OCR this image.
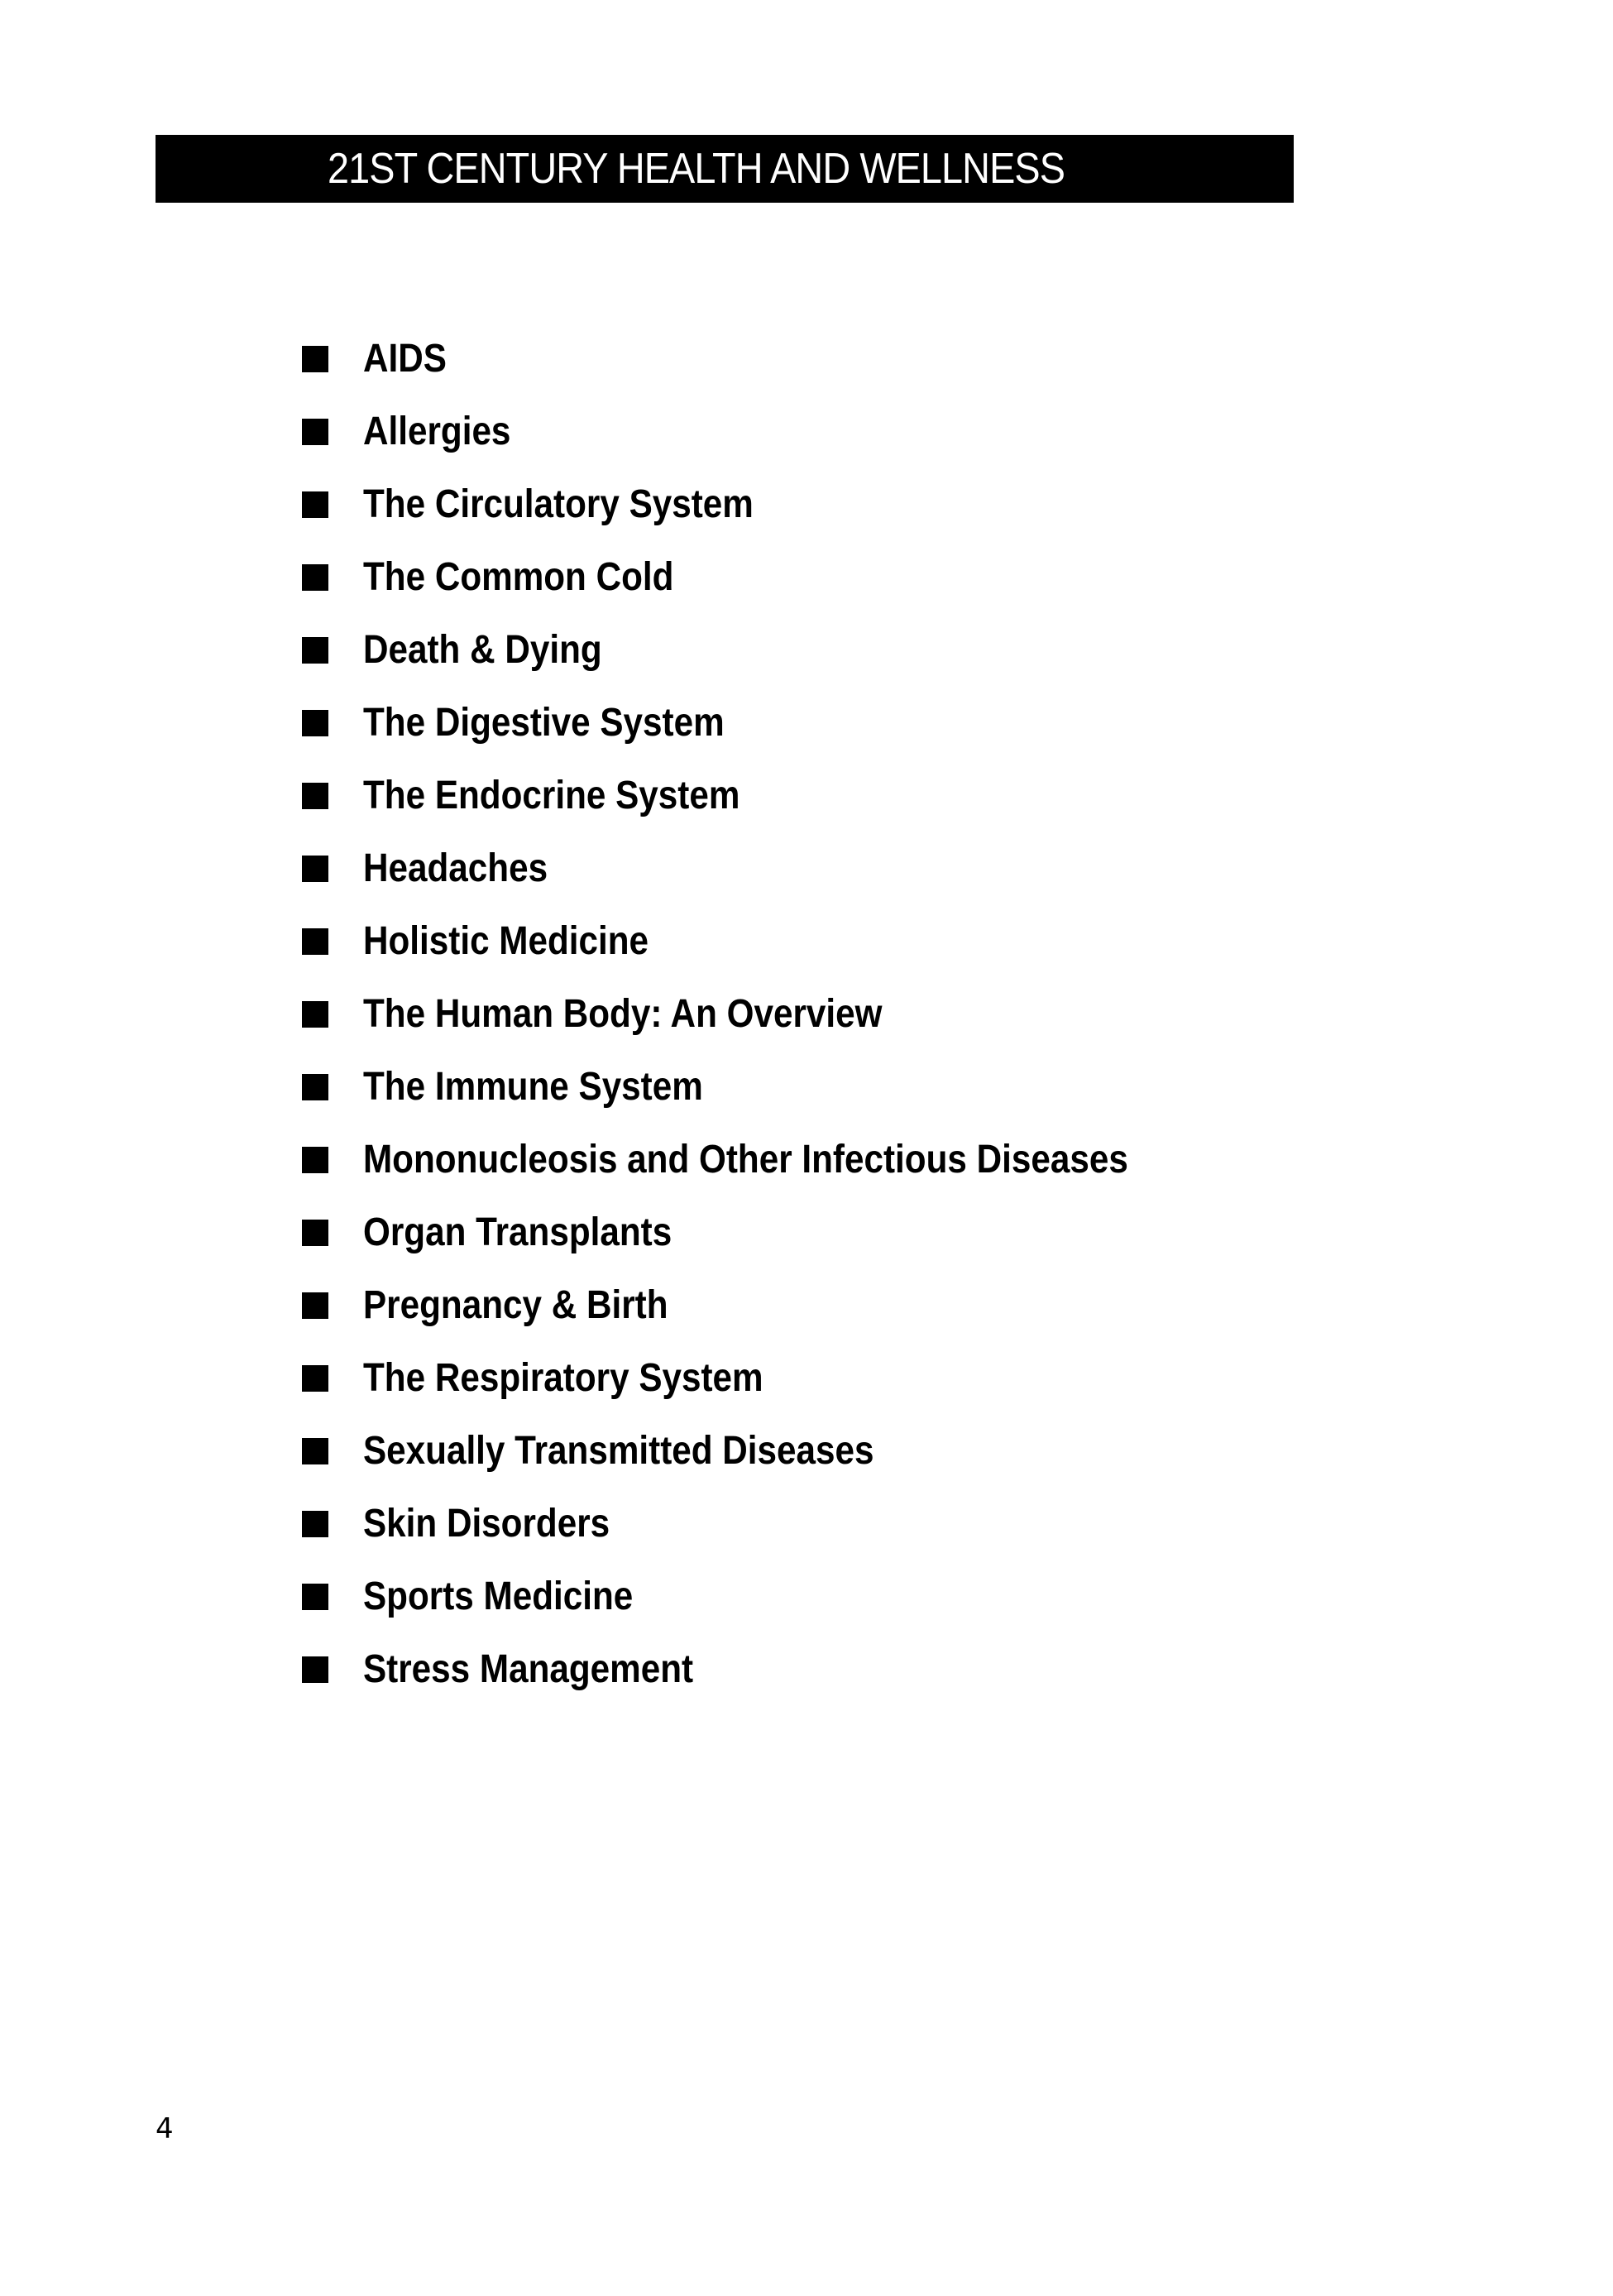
21ST CENTURY HEALTH AND WELLNESS
AIDS
Allergies
The Circulatory System
The Common Cold
Death & Dying
The Digestive System
The Endocrine System
Headaches
Holistic Medicine
The Human Body: An Overview
The Immune System
Mononucleosis and Other Infectious Diseases
Organ Transplants
Pregnancy & Birth
The Respiratory System
Sexually Transmitted Diseases
Skin Disorders
Sports Medicine
Stress Management
4
